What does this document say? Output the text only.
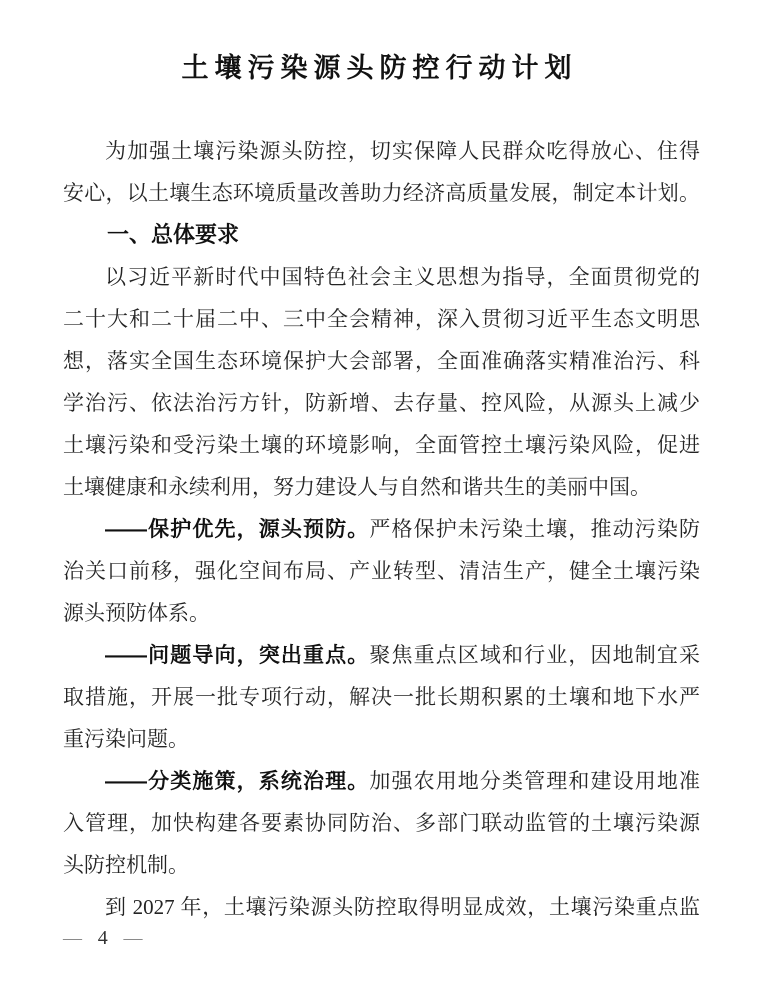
土壤污染源头防控行动计划
为加强土壤污染源头防控，切实保障人民群众吃得放心、住得
安心，以土壤生态环境质量改善助力经济高质量发展，制定本计划。
一、总体要求
以习近平新时代中国特色社会主义思想为指导，全面贯彻党的
二十大和二十届二中、三中全会精神，深入贯彻习近平生态文明思
想，落实全国生态环境保护大会部署，全面准确落实精准治污、科
学治污、依法治污方针，防新增、去存量、控风险，从源头上减少
土壤污染和受污染土壤的环境影响，全面管控土壤污染风险，促进
土壤健康和永续利用，努力建设人与自然和谐共生的美丽中国。
——保护优先，源头预防。严格保护未污染土壤，推动污染防
治关口前移，强化空间布局、产业转型、清洁生产，健全土壤污染
源头预防体系。
——问题导向，突出重点。聚焦重点区域和行业，因地制宜采
取措施，开展一批专项行动，解决一批长期积累的土壤和地下水严
重污染问题。
——分类施策，系统治理。加强农用地分类管理和建设用地准
入管理，加快构建各要素协同防治、多部门联动监管的土壤污染源
头防控机制。
到 2027 年，土壤污染源头防控取得明显成效，土壤污染重点监
— 4 —
